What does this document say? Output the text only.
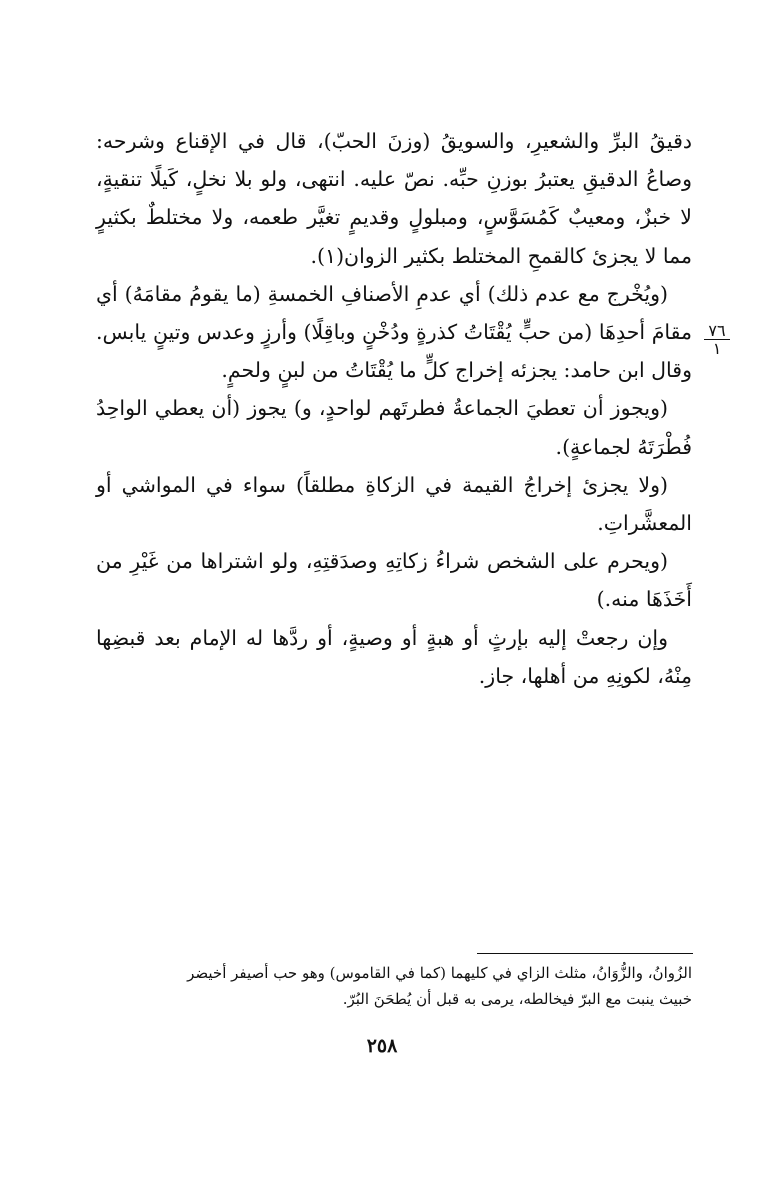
دقيقُ البرِّ والشعيرِ، والسويقُ (وزنَ الحبّ)، قال في الإقناع وشرحه: وصاعُ الدقيقِ يعتبرُ بوزنِ حبِّه. نصّ عليه. انتهى، ولو بلا نخلٍ، كَيلًا تنقيةٍ، لا خبزٌ، ومعيبٌ كَمُسَوَّسٍ، ومبلولٍ وقديمٍ تغيَّر طعمه، ولا مختلطٌ بكثيرٍ مما لا يجزئ كالقمحِ المختلط بكثير الزوان(١).

(ويُخْرج مع عدم ذلك) أي عدمِ الأصنافِ الخمسةِ (ما يقومُ مقامَهُ) أي مقامَ أحدِهَا (من حبٍّ يُقْتَاتُ كذرةٍ ودُخْنٍ وباقِلًا) وأرزٍ وعدس وتينٍ يابس. وقال ابن حامد: يجزئه إخراج كلٍّ ما يُقْتَاتُ من لبنٍ ولحمٍ.

(ويجوز أن تعطيَ الجماعةُ فطرتَهم لواحدٍ، و) يجوز (أن يعطي الواحِدُ فُطْرَتَهُ لجماعةٍ).

(ولا يجزئ إخراجُ القيمة في الزكاةِ مطلقاً) سواء في المواشي أو المعشَّراتِ.

(ويحرم على الشخص شراءُ زكاتِهِ وصدَقتِهِ، ولو اشتراها من غَيْرِ من أَخَذَهَا منه.)

وإن رجعتْ إليه بإرثٍ أو هبةٍ أو وصيةٍ، أو ردَّها له الإمام بعد قبضِها مِنْهُ، لكونِهِ من أهلها، جاز.

٧٦
١

الزُوانُ، والزُّوَانُ، مثلث الزاي في كليهما (كما في القاموس) وهو حب أصيفر أخيضر

خبيث ينبت مع البرّ فيخالطه، يرمى به قبل أن يُطحَنَ البُرّ.

٢٥٨
